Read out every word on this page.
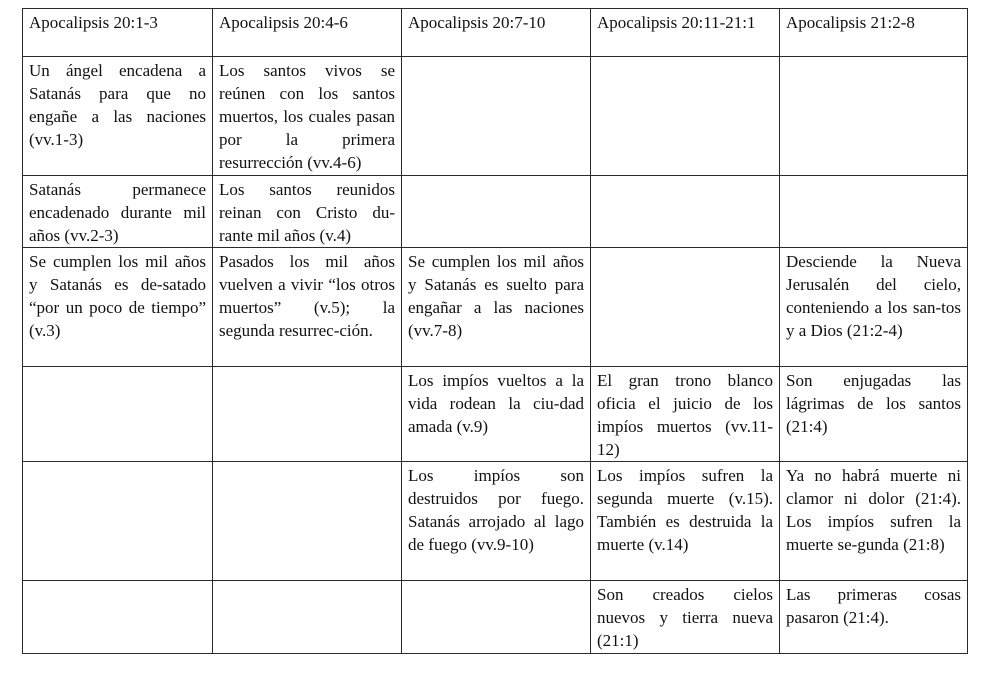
Apocalipsis 20:1-3	Apocalipsis 20:4-6	Apocalipsis 20:7-10	Apocalipsis 20:11-21:1	Apocalipsis 21:2-8
Un ángel encadena a Satanás para que no engañe a las naciones (vv.1-3)	Los santos vivos se reúnen con los santos muertos, los cuales pasan por la primera resurrección (vv.4-6)			
Satanás permanece encadenado durante mil años (vv.2-3)	Los santos reunidos reinan con Cristo du-rante mil años (v.4)			
Se cumplen los mil años y Satanás es de-satado “por un poco de tiempo” (v.3)	Pasados los mil años vuelven a vivir “los otros muertos” (v.5); la segunda resurrec-ción.	Se cumplen los mil años y Satanás es suelto para engañar a las naciones (vv.7-8)		Desciende la Nueva Jerusalén del cielo, conteniendo a los san-tos y a Dios (21:2-4)
		Los impíos vueltos a la vida rodean la ciu-dad amada (v.9)	El gran trono blanco oficia el juicio de los impíos muertos (vv.11-12)	Son enjugadas las lágrimas de los santos (21:4)
		Los impíos son destruidos por fuego. Satanás arrojado al lago de fuego (vv.9-10)	Los impíos sufren la segunda muerte (v.15). También es destruida la muerte (v.14)	Ya no habrá muerte ni clamor ni dolor (21:4). Los impíos sufren la muerte se-gunda (21:8)
			Son creados cielos nuevos y tierra nueva (21:1)	Las primeras cosas pasaron (21:4).
